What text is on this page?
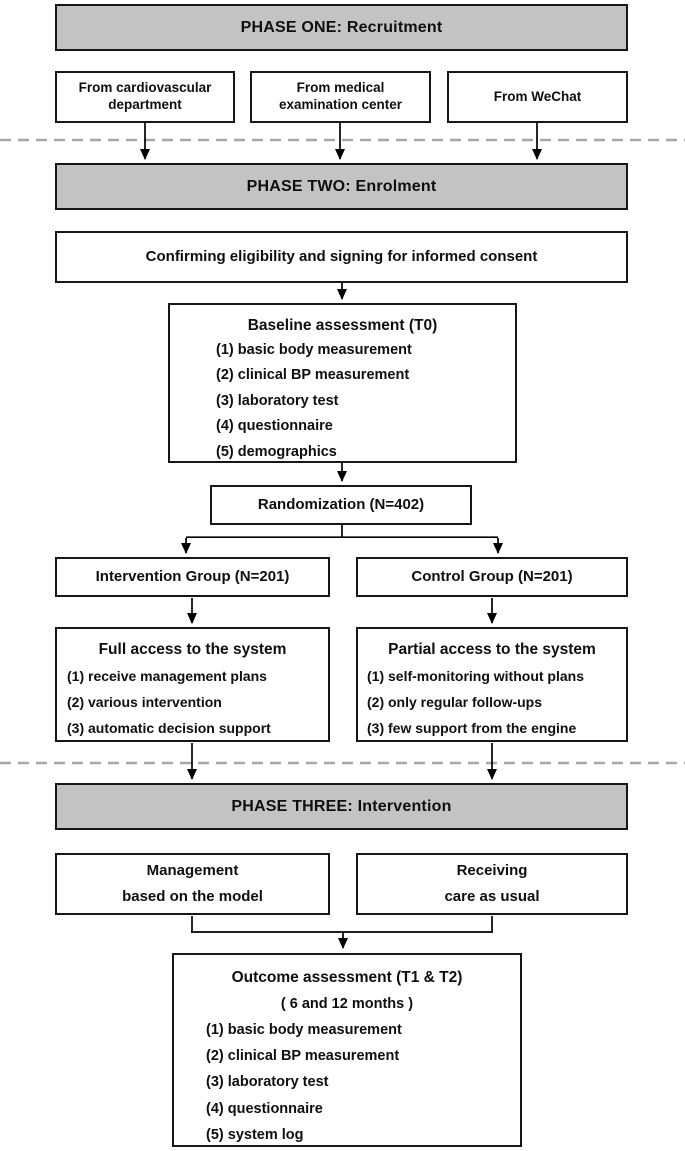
PHASE ONE: Recruitment
From cardiovascular department
From medical examination center
From WeChat
PHASE TWO: Enrolment
Confirming eligibility and signing for informed consent
Baseline assessment (T0)
(1) basic body measurement
(2) clinical BP measurement
(3) laboratory test
(4) questionnaire
(5) demographics
Randomization (N=402)
Intervention Group (N=201)	Control Group (N=201)
Full access to the system
(1) receive management plans
(2) various intervention
(3) automatic decision support
Partial access to the system
(1) self-monitoring without plans
(2) only regular follow-ups
(3) few support from the engine
PHASE THREE: Intervention
Management
based on the model
Receiving
care as usual
Outcome assessment (T1 & T2)
( 6 and 12 months )
(1) basic body measurement
(2) clinical BP measurement
(3) laboratory test
(4) questionnaire
(5) system log
